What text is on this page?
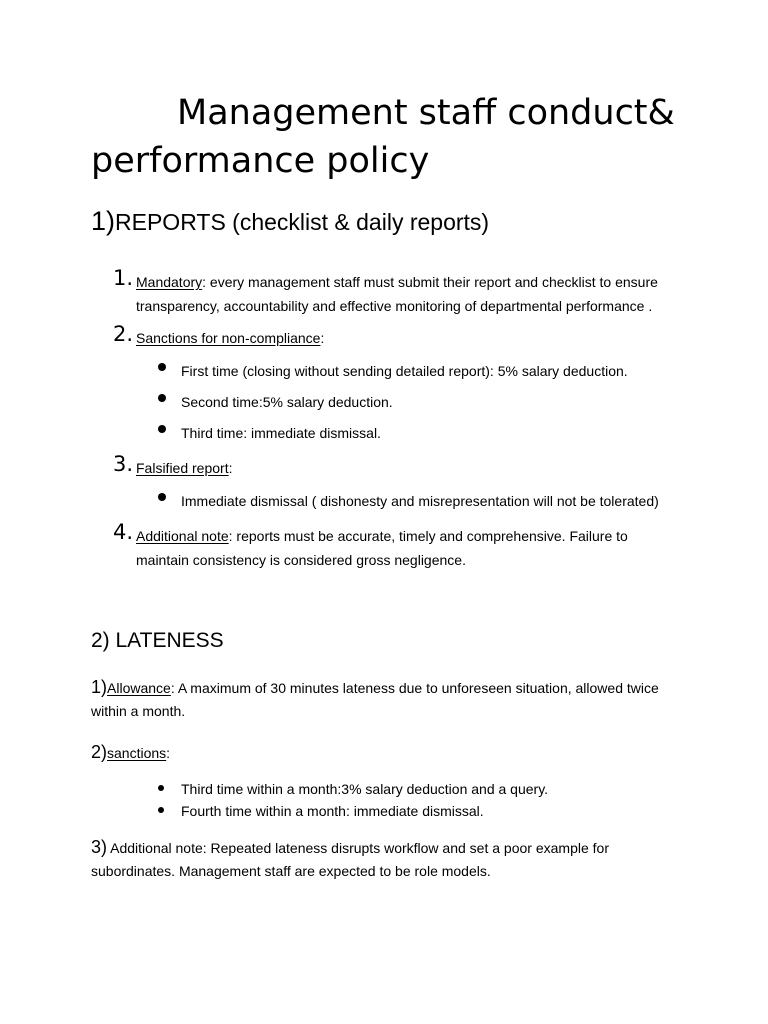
Management staff conduct&
performance policy
1)REPORTS (checklist & daily reports)
1. Mandatory: every management staff must submit their report and checklist to ensure
transparency, accountability and effective monitoring of departmental performance .
2. Sanctions for non-compliance:
First time (closing without sending detailed report): 5% salary deduction.
Second time:5% salary deduction.
Third time: immediate dismissal.
3. Falsified report:
Immediate dismissal ( dishonesty and misrepresentation will not be tolerated)
4. Additional note: reports must be accurate, timely and comprehensive. Failure to
maintain consistency is considered gross negligence.
2) LATENESS
1)Allowance: A maximum of 30 minutes lateness due to unforeseen situation, allowed twice
within a month.
2)sanctions:
Third time within a month:3% salary deduction and a query.
Fourth time within a month: immediate dismissal.
3) Additional note: Repeated lateness disrupts workflow and set a poor example for
subordinates. Management staff are expected to be role models.
